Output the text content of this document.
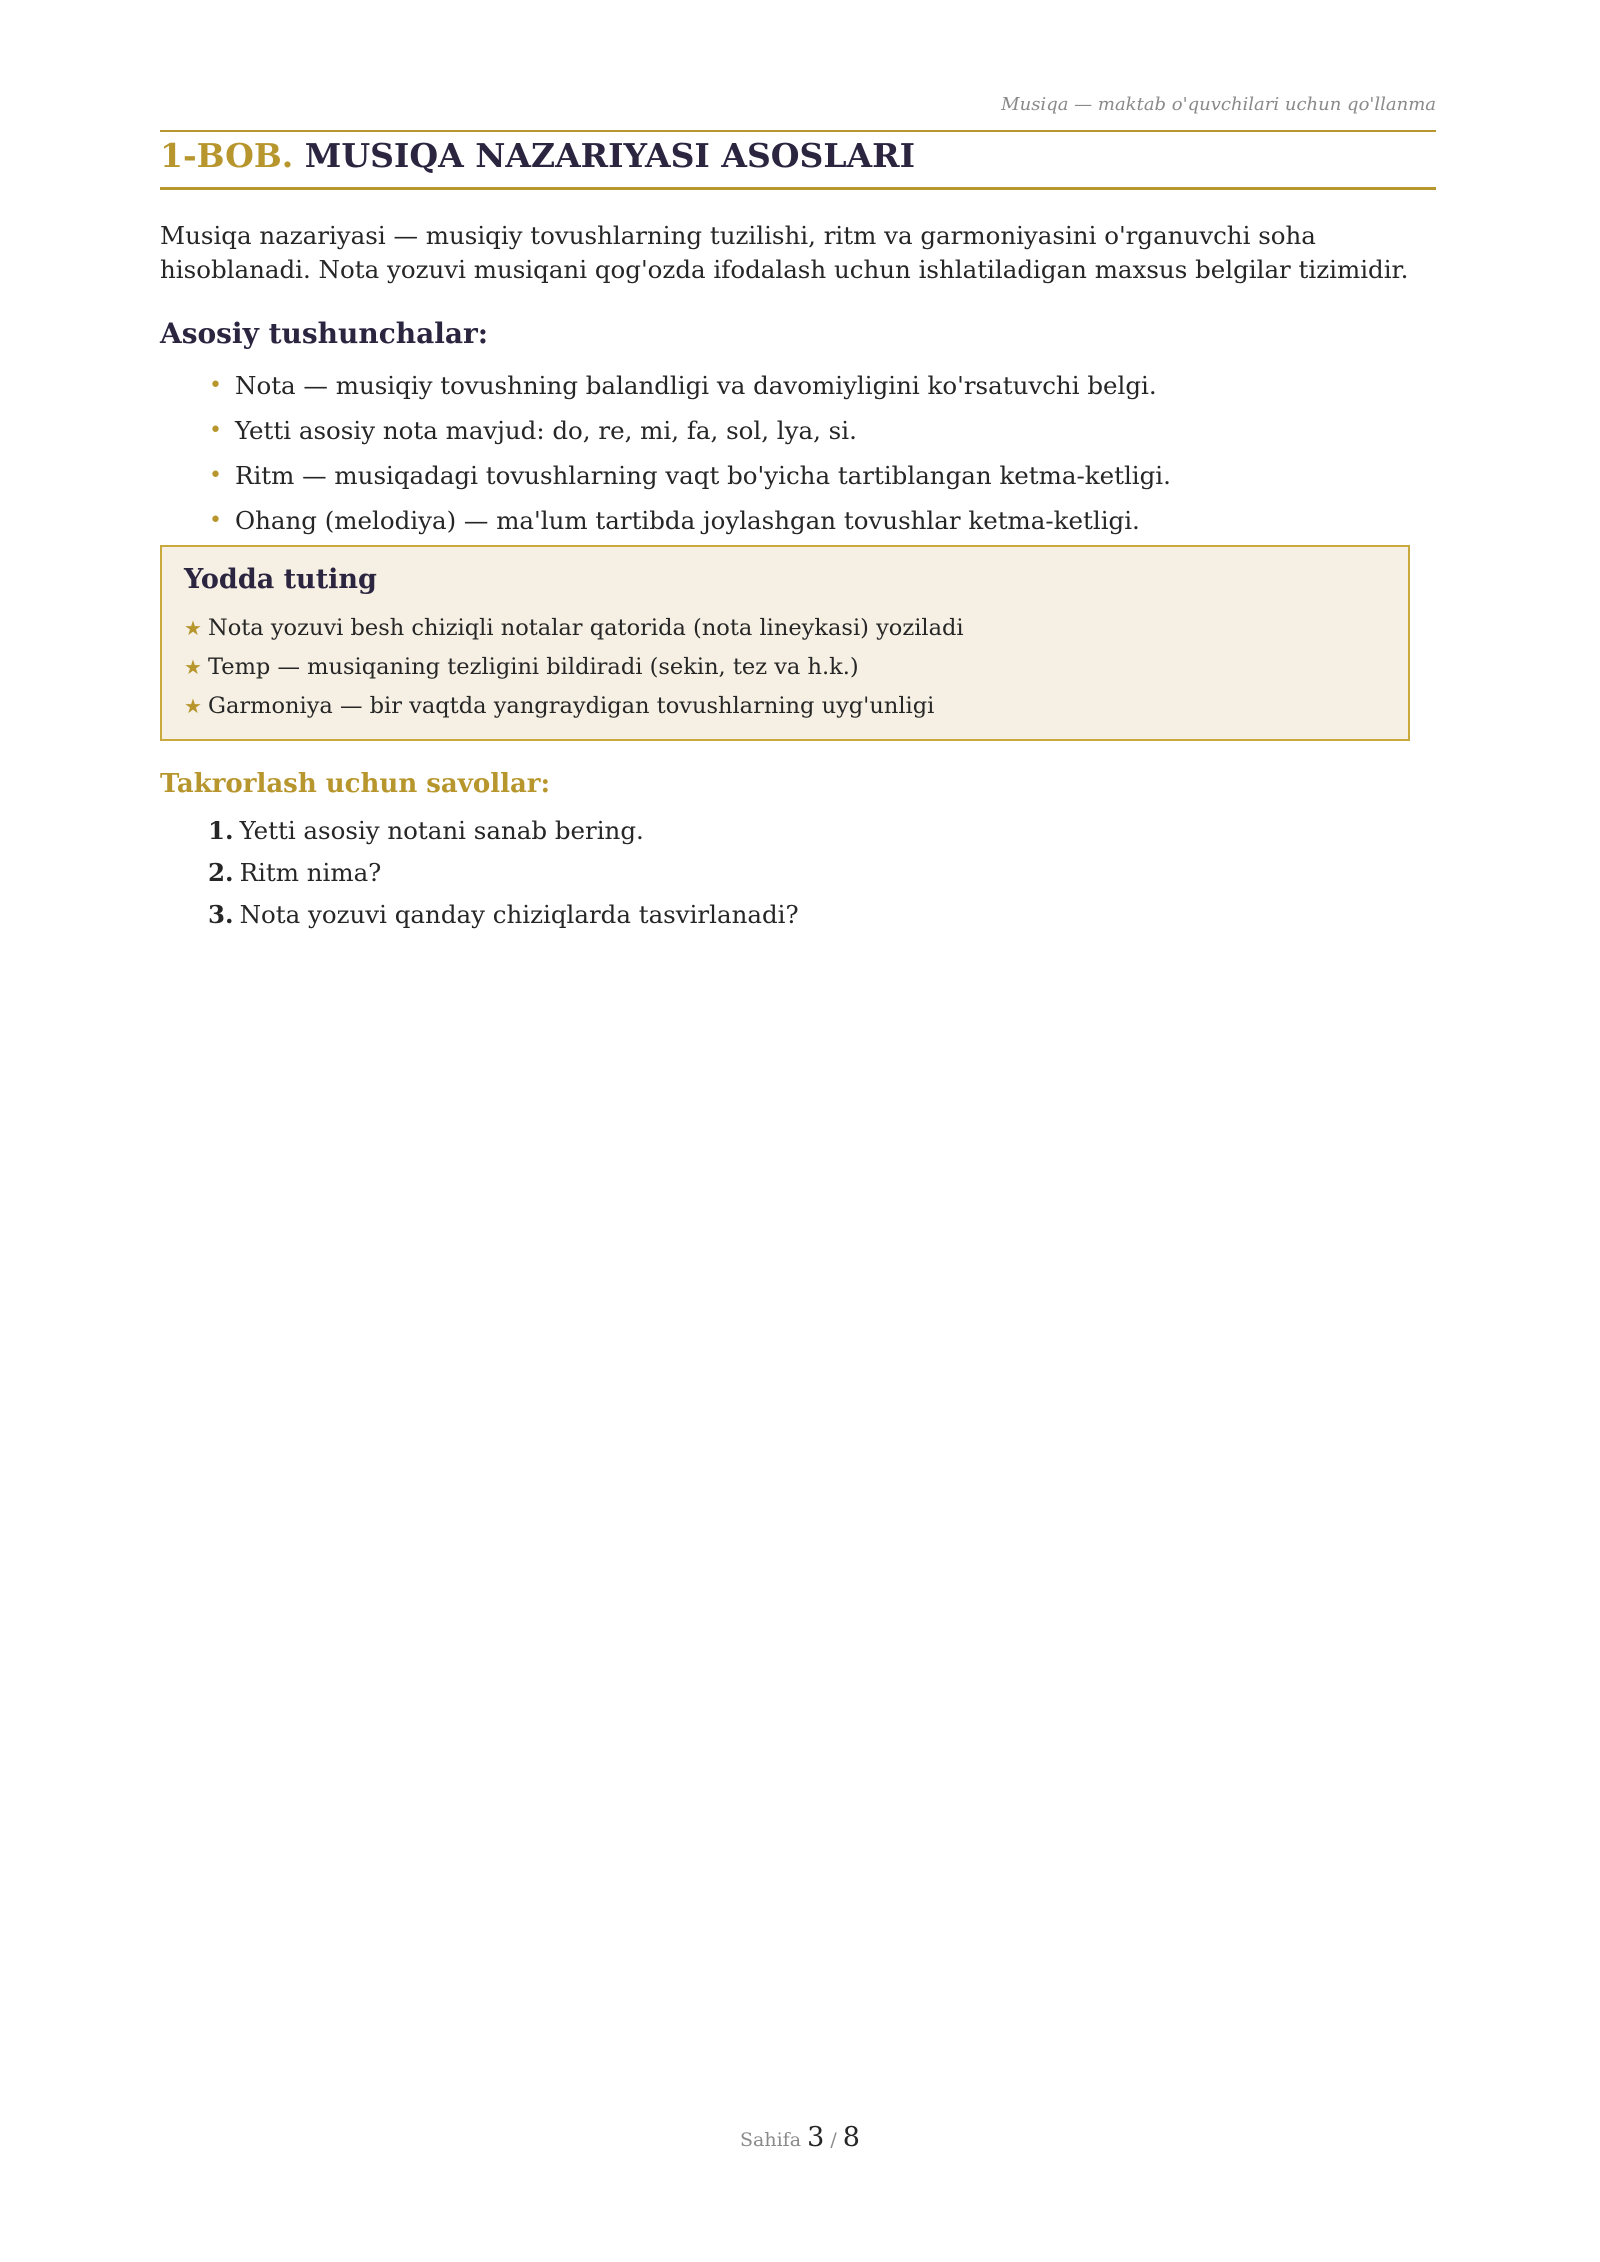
Musiqa — maktab o'quvchilari uchun qo'llanma
1-BOB. MUSIQA NAZARIYASI ASOSLARI

Musiqa nazariyasi — musiqiy tovushlarning tuzilishi, ritm va garmoniyasini o'rganuvchi soha hisoblanadi. Nota yozuvi musiqani qog'ozda ifodalash uchun ishlatiladigan maxsus belgilar tizimidir.

Asosiy tushunchalar:
• Nota — musiqiy tovushning balandligi va davomiyligini ko'rsatuvchi belgi.
• Yetti asosiy nota mavjud: do, re, mi, fa, sol, lya, si.
• Ritm — musiqadagi tovushlarning vaqt bo'yicha tartiblangan ketma-ketligi.
• Ohang (melodiya) — ma'lum tartibda joylashgan tovushlar ketma-ketligi.
Yodda tuting
★ Nota yozuvi besh chiziqli notalar qatorida (nota lineykasi) yoziladi
★ Temp — musiqaning tezligini bildiradi (sekin, tez va h.k.)
★ Garmoniya — bir vaqtda yangraydigan tovushlarning uyg'unligi
Takrorlash uchun savollar:
1. Yetti asosiy notani sanab bering.
2. Ritm nima?
3. Nota yozuvi qanday chiziqlarda tasvirlanadi?
Sahifa 3 / 8
